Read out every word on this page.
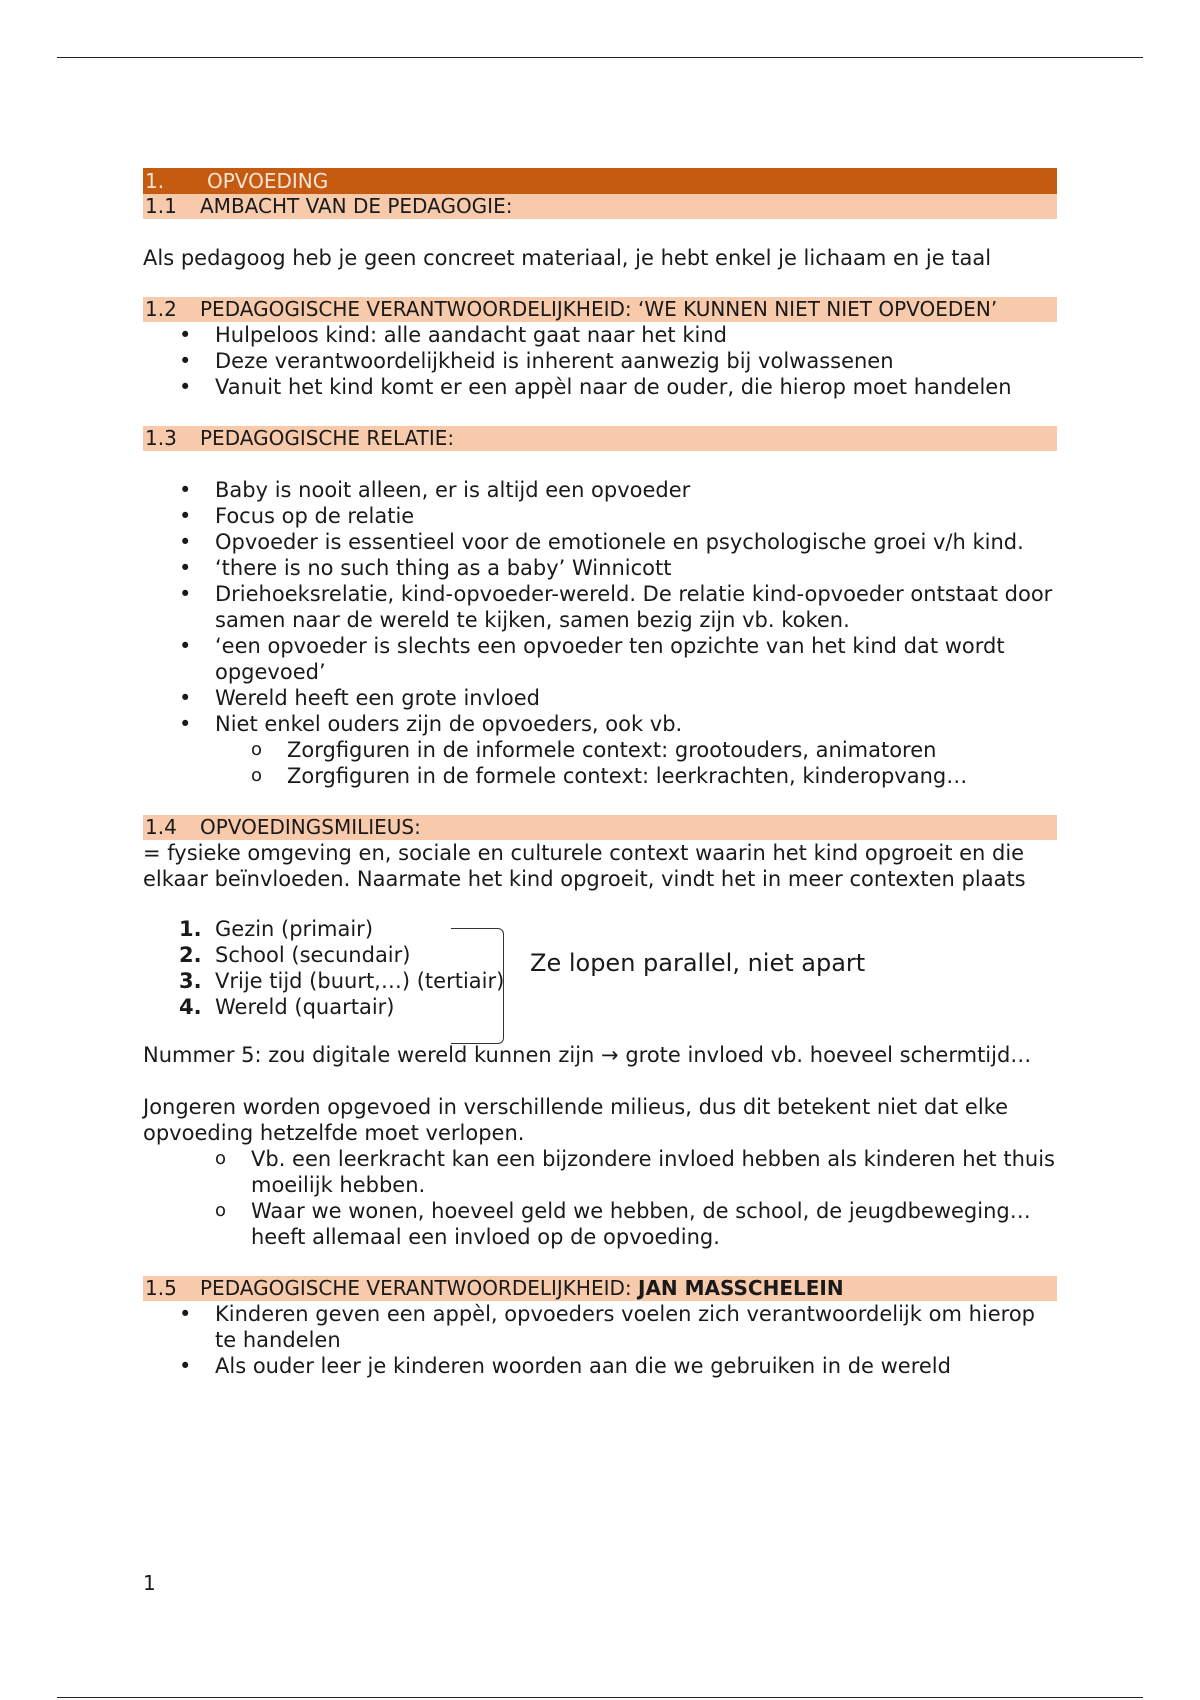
1.	OPVOEDING
1.1	AMBACHT VAN DE PEDAGOGIE:

Als pedagoog heb je geen concreet materiaal, je hebt enkel je lichaam en je taal

1.2	PEDAGOGISCHE VERANTWOORDELIJKHEID: ‘WE KUNNEN NIET NIET OPVOEDEN’
• Hulpeloos kind: alle aandacht gaat naar het kind
• Deze verantwoordelijkheid is inherent aanwezig bij volwassenen
• Vanuit het kind komt er een appèl naar de ouder, die hierop moet handelen
1.3	PEDAGOGISCHE RELATIE:
• Baby is nooit alleen, er is altijd een opvoeder
• Focus op de relatie
• Opvoeder is essentieel voor de emotionele en psychologische groei v/h kind.
• ‘there is no such thing as a baby’ Winnicott
• Driehoeksrelatie, kind-opvoeder-wereld. De relatie kind-opvoeder ontstaat door samen naar de wereld te kijken, samen bezig zijn vb. koken.
• ‘een opvoeder is slechts een opvoeder ten opzichte van het kind dat wordt opgevoed’
• Wereld heeft een grote invloed
• Niet enkel ouders zijn de opvoeders, ook vb.
o Zorgfiguren in de informele context: grootouders, animatoren
o Zorgfiguren in de formele context: leerkrachten, kinderopvang…
1.4	OPVOEDINGSMILIEUS:

= fysieke omgeving en, sociale en culturele context waarin het kind opgroeit en die elkaar beïnvloeden. Naarmate het kind opgroeit, vindt het in meer contexten plaats

1. Gezin (primair)
2. School (secundair)
3. Vrije tijd (buurt,…) (tertiair)
4. Wereld (quartair)
Ze lopen parallel, niet apart

Nummer 5: zou digitale wereld kunnen zijn → grote invloed vb. hoeveel schermtijd…

Jongeren worden opgevoed in verschillende milieus, dus dit betekent niet dat elke opvoeding hetzelfde moet verlopen.

o Vb. een leerkracht kan een bijzondere invloed hebben als kinderen het thuis moeilijk hebben.
o Waar we wonen, hoeveel geld we hebben, de school, de jeugdbeweging… heeft allemaal een invloed op de opvoeding.
1.5	PEDAGOGISCHE VERANTWOORDELIJKHEID: JAN MASSCHELEIN
• Kinderen geven een appèl, opvoeders voelen zich verantwoordelijk om hierop te handelen
• Als ouder leer je kinderen woorden aan die we gebruiken in de wereld
1
